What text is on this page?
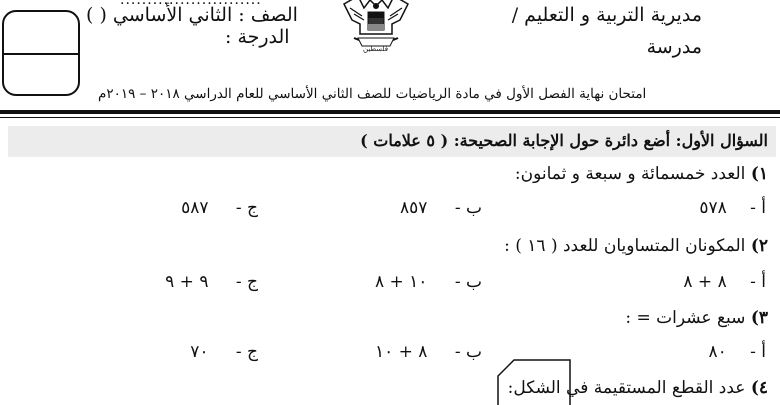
..........................
مديرية التربية و التعليم /
مدرسة
الصف : الثاني الأساسي ( )
الدرجة :
فلسطين
امتحان نهاية الفصل الأول في مادة الرياضيات للصف الثاني الأساسي للعام الدراسي ٢٠١٨ – ٢٠١٩م
السؤال الأول: أضع دائرة حول الإجابة الصحيحة: ( ٥ علامات )
١) العدد خمسمائة و سبعة و ثمانون:
أ - ٥٧٨
ب - ٨٥٧
ج - ٥٨٧
٢) المكونان المتساويان للعدد ( ١٦ ) :
أ - ٨ + ٨
ب - ١٠ + ٨
ج - ٩ + ٩
٣) سبع عشرات = :
أ - ٨٠
ب - ٨ + ١٠
ج - ٧٠
٤) عدد القطع المستقيمة في الشكل:
